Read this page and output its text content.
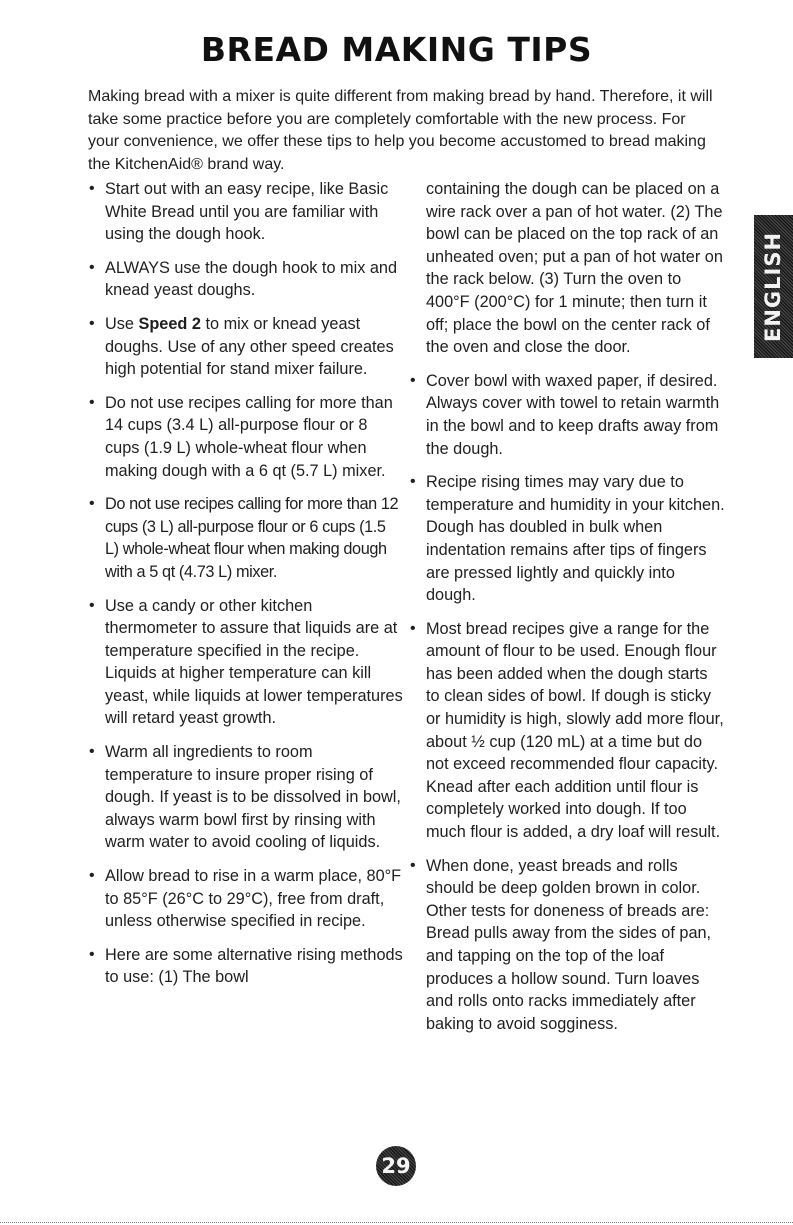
BREAD MAKING TIPS

Making bread with a mixer is quite different from making bread by hand. Therefore, it will take some practice before you are completely comfortable with the new process. For your convenience, we offer these tips to help you become accustomed to bread making the KitchenAid® brand way.

• Start out with an easy recipe, like Basic White Bread until you are familiar with using the dough hook.

• ALWAYS use the dough hook to mix and knead yeast doughs.

• Use Speed 2 to mix or knead yeast doughs. Use of any other speed creates high potential for stand mixer failure.

• Do not use recipes calling for more than 14 cups (3.4 L) all-purpose flour or 8 cups (1.9 L) whole-wheat flour when making dough with a 6 qt (5.7 L) mixer.

• Do not use recipes calling for more than 12 cups (3 L) all-purpose flour or 6 cups (1.5 L) whole-wheat flour when making dough with a 5 qt (4.73 L) mixer.

• Use a candy or other kitchen thermometer to assure that liquids are at temperature specified in the recipe. Liquids at higher temperature can kill yeast, while liquids at lower temperatures will retard yeast growth.

• Warm all ingredients to room temperature to insure proper rising of dough. If yeast is to be dissolved in bowl, always warm bowl first by rinsing with warm water to avoid cooling of liquids.

• Allow bread to rise in a warm place, 80°F to 85°F (26°C to 29°C), free from draft, unless otherwise specified in recipe.

• Here are some alternative rising methods to use: (1) The bowl

containing the dough can be placed on a wire rack over a pan of hot water. (2) The bowl can be placed on the top rack of an unheated oven; put a pan of hot water on the rack below. (3) Turn the oven to 400°F (200°C) for 1 minute; then turn it off; place the bowl on the center rack of the oven and close the door.

• Cover bowl with waxed paper, if desired. Always cover with towel to retain warmth in the bowl and to keep drafts away from the dough.

• Recipe rising times may vary due to temperature and humidity in your kitchen. Dough has doubled in bulk when indentation remains after tips of fingers are pressed lightly and quickly into dough.

• Most bread recipes give a range for the amount of flour to be used. Enough flour has been added when the dough starts to clean sides of bowl. If dough is sticky or humidity is high, slowly add more flour, about ½ cup (120 mL) at a time but do not exceed recommended flour capacity. Knead after each addition until flour is completely worked into dough. If too much flour is added, a dry loaf will result.

• When done, yeast breads and rolls should be deep golden brown in color. Other tests for doneness of breads are: Bread pulls away from the sides of pan, and tapping on the top of the loaf produces a hollow sound. Turn loaves and rolls onto racks immediately after baking to avoid sogginess.

ENGLISH
29
